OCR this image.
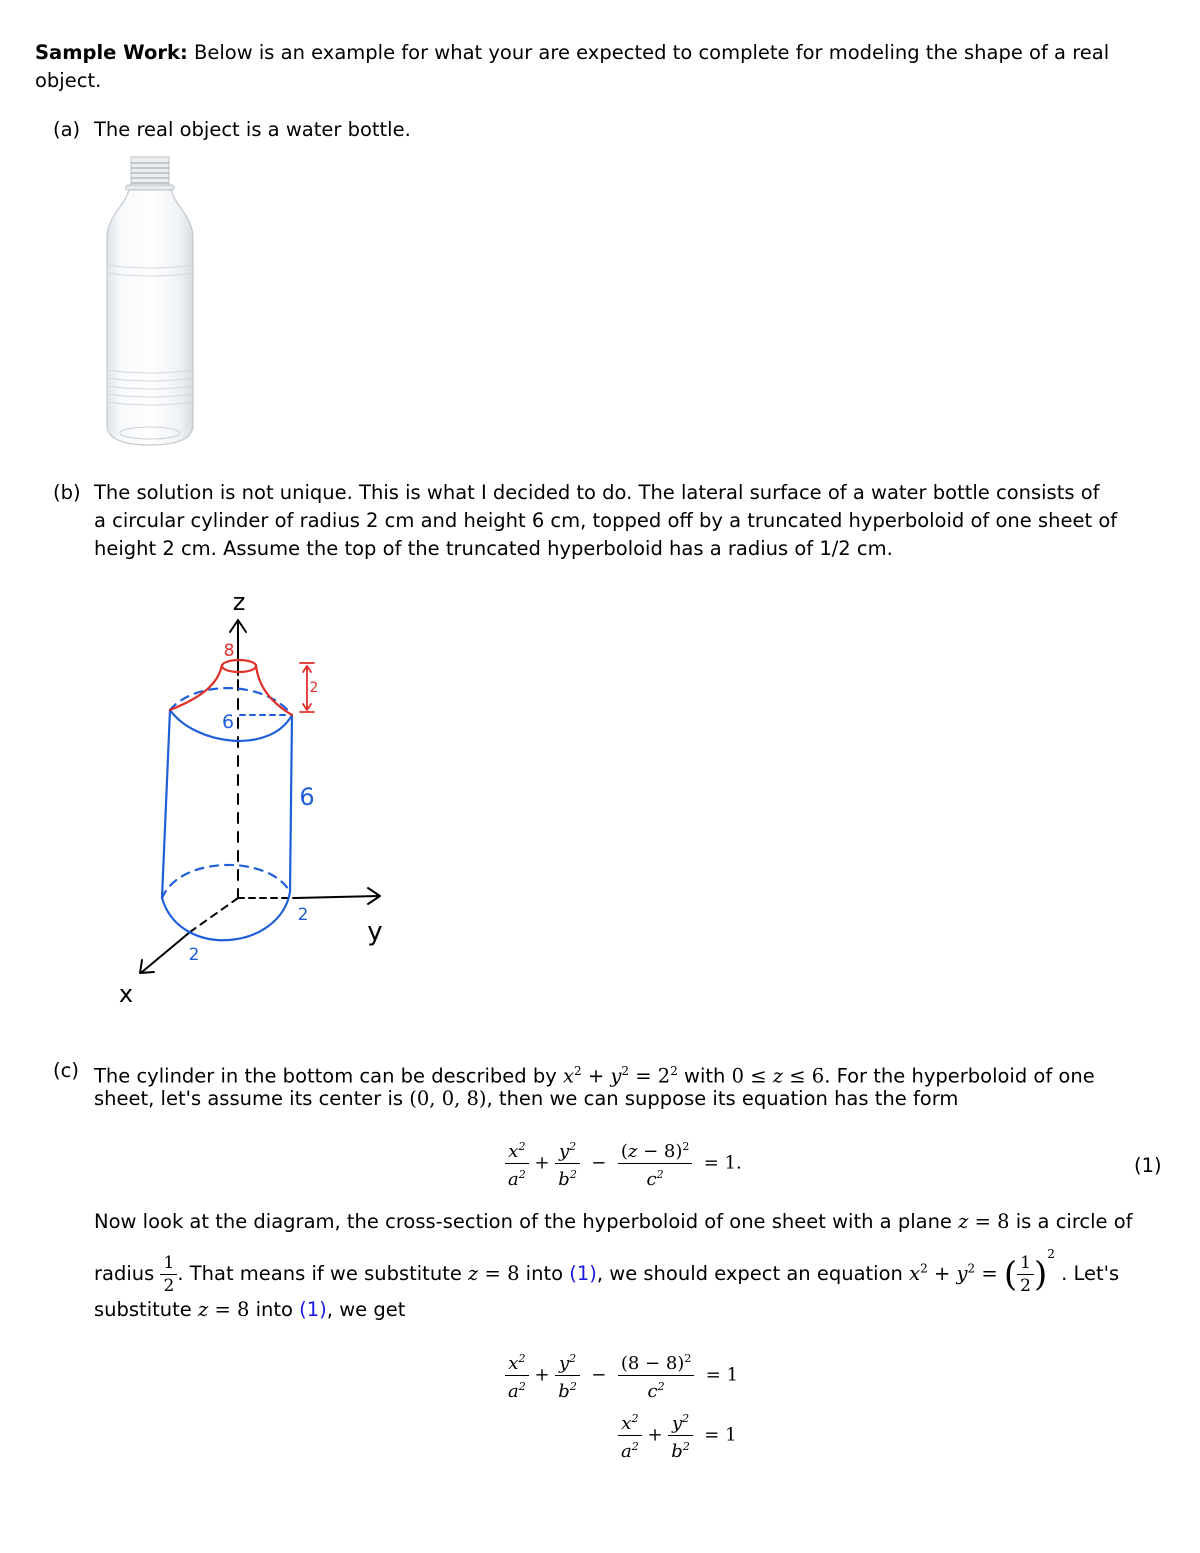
Sample Work: Below is an example for what your are expected to complete for modeling the shape of a real
object.
(a) The real object is a water bottle.
(b) The solution is not unique. This is what I decided to do. The lateral surface of a water bottle consists of
a circular cylinder of radius 2 cm and height 6 cm, topped off by a truncated hyperboloid of one sheet of
height 2 cm. Assume the top of the truncated hyperboloid has a radius of 1/2 cm.
z
8
2
6
6
2
2
y
x
(c) The cylinder in the bottom can be described by $x^2 + y^2 = 2^2$ with 0 ≤ z ≤ 6. For the hyperboloid of one
sheet, let's assume its center is (0, 0, 8), then we can suppose its equation has the form
$\frac{x^2}{a^2} + \frac{y^2}{b^2} - \frac{(z - 8)^2}{c^2} = 1$.	(1)
Now look at the diagram, the cross-section of the hyperboloid of one sheet with a plane z = 8 is a circle of
radius $\frac{1}{2}$ . That means if we substitute z = 8 into (1), we should expect an equation $x^2 + y^2$ = ( $\frac{1}{2} )^2$ . Let's
substitute z = 8 into (1), we get
$\frac{x^2}{a^2} + \frac{y^2}{b^2} - \frac{(8 - 8)^2}{c^2} = 1$
$\frac{x^2}{a^2} + \frac{y^2}{b^2} = 1$
